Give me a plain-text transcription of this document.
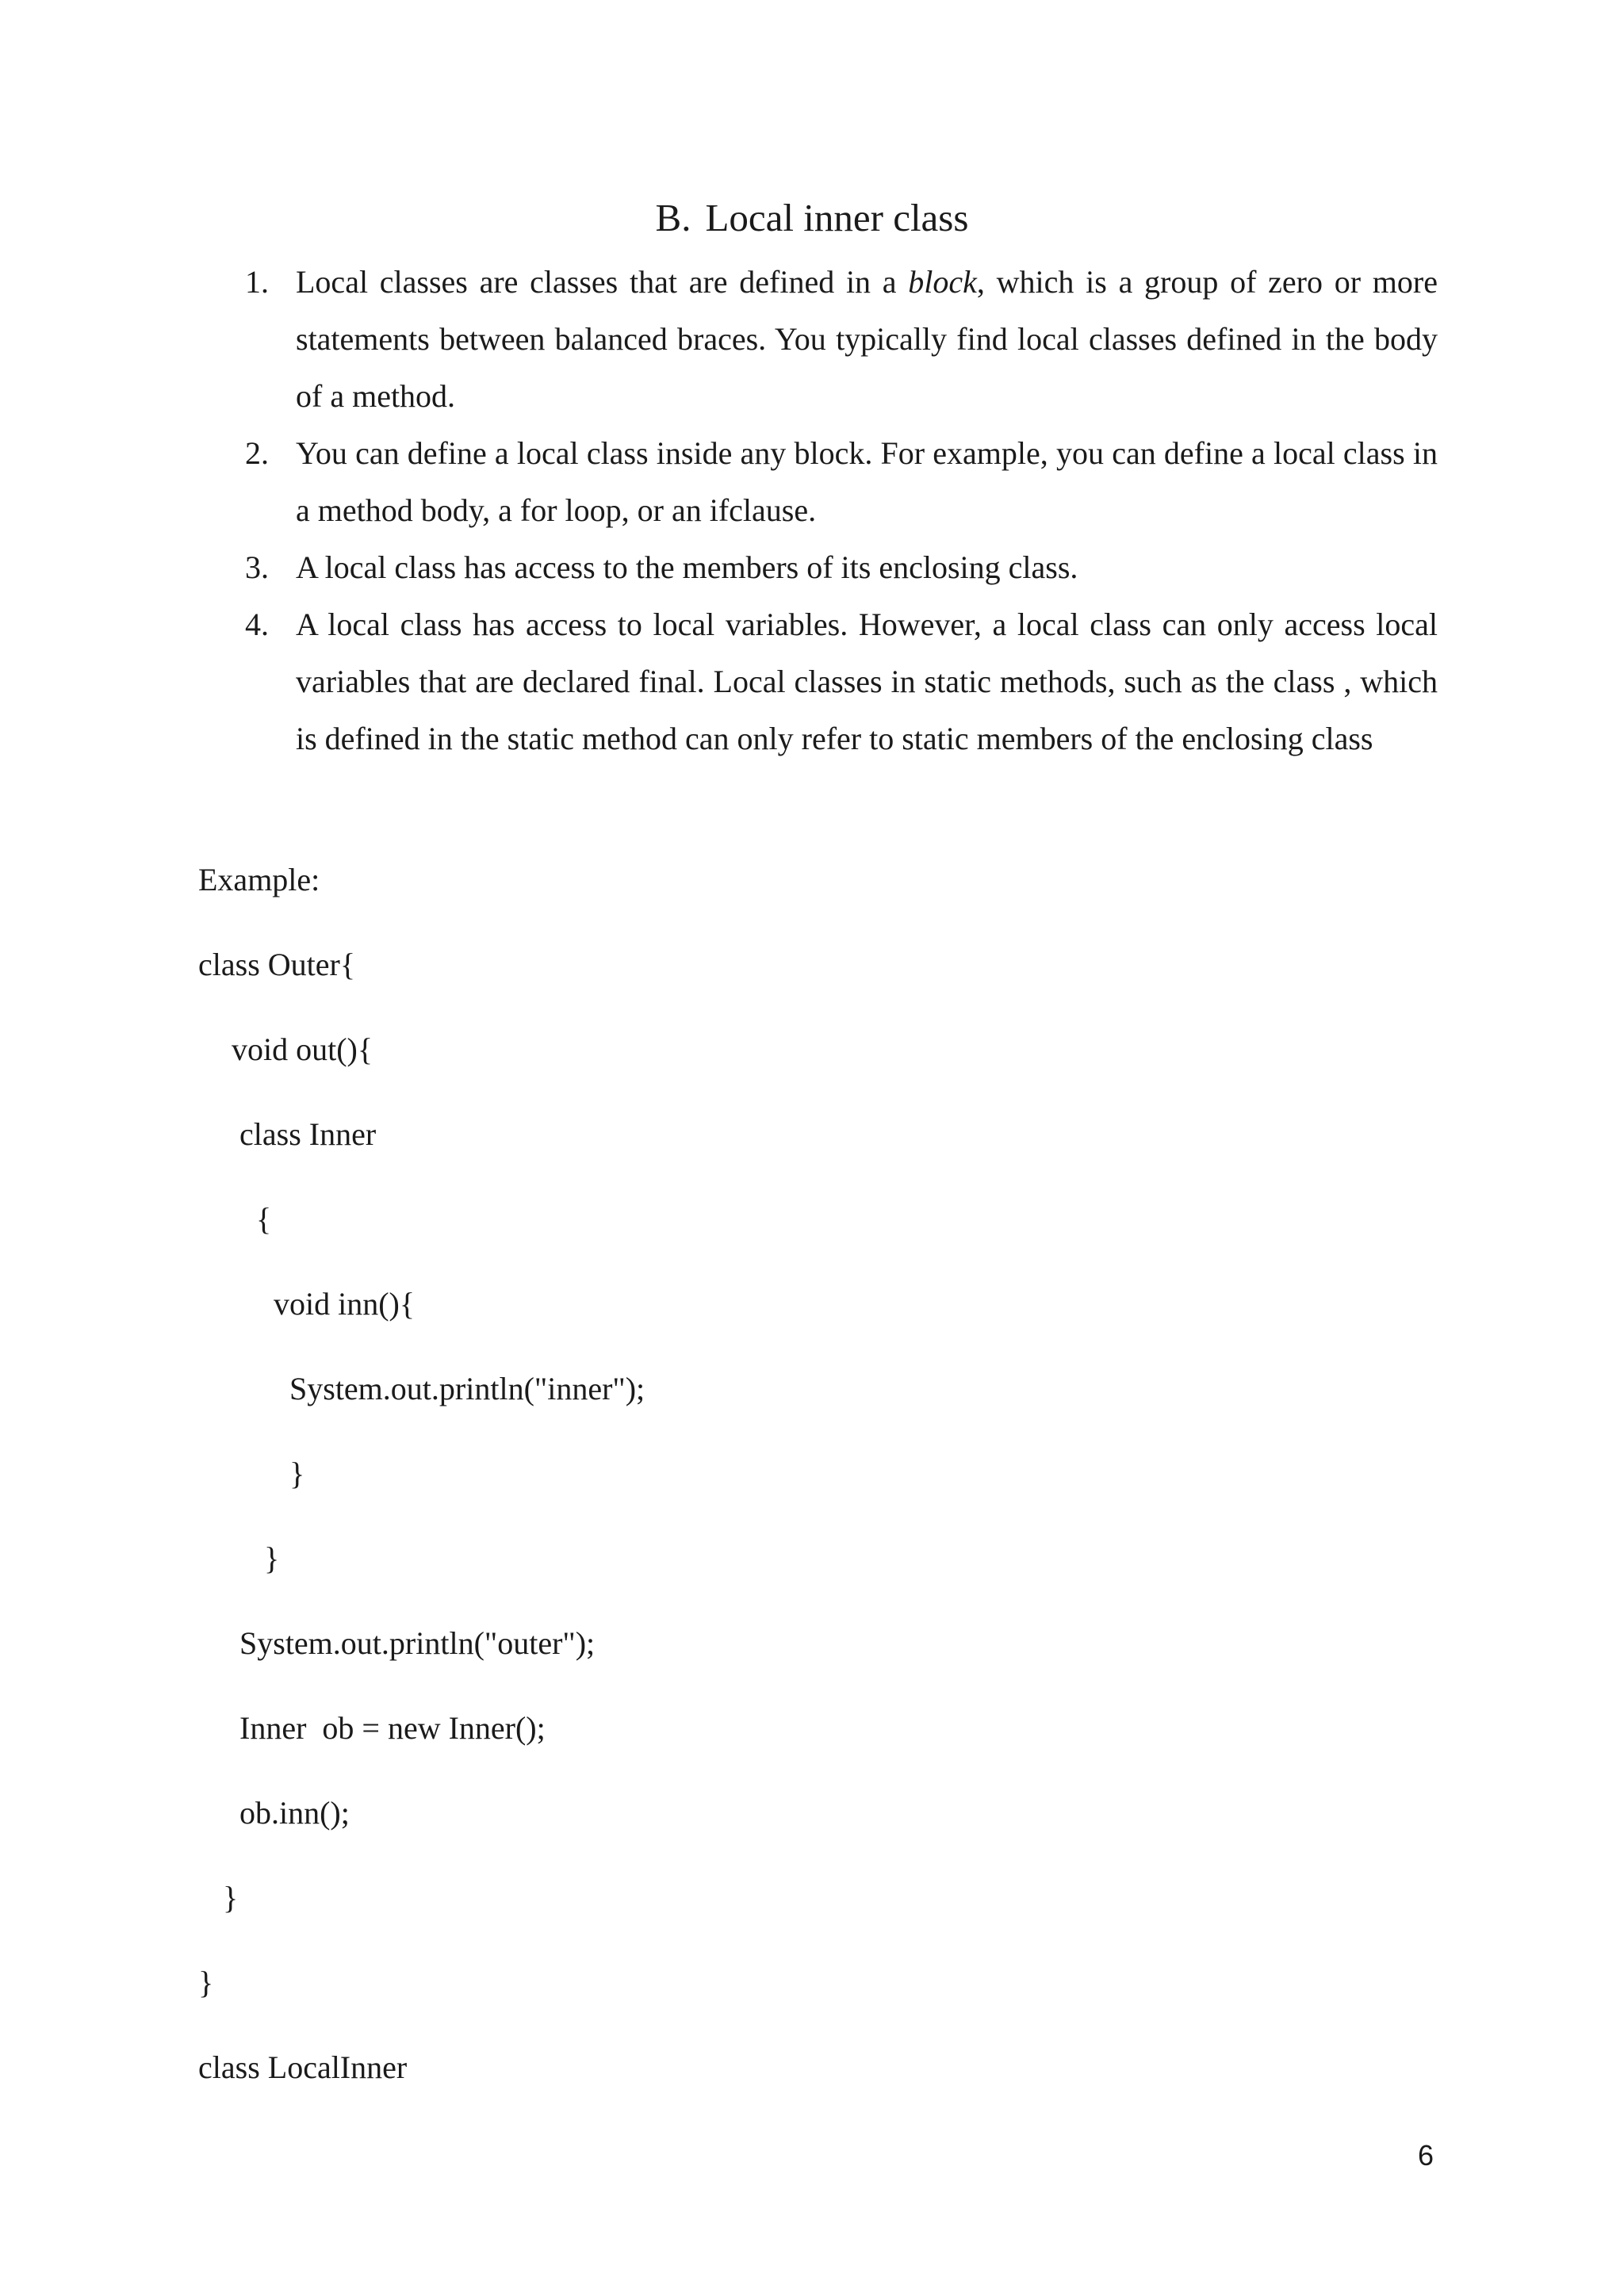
B. Local inner class
1. Local classes are classes that are defined in a block, which is a group of zero or more statements between balanced braces. You typically find local classes defined in the body of a method.
2. You can define a local class inside any block. For example, you can define a local class in a method body, a for loop, or an ifclause.
3. A local class has access to the members of its enclosing class.
4. A local class has access to local variables. However, a local class can only access local variables that are declared final. Local classes in static methods, such as the class , which is defined in the static method can only refer to static members of the enclosing class
Example:
class Outer{
void out(){
class Inner
{
void inn(){
System.out.println("inner");
}
}
System.out.println("outer");
Inner  ob = new Inner();
ob.inn();
}
}
class LocalInner
6
